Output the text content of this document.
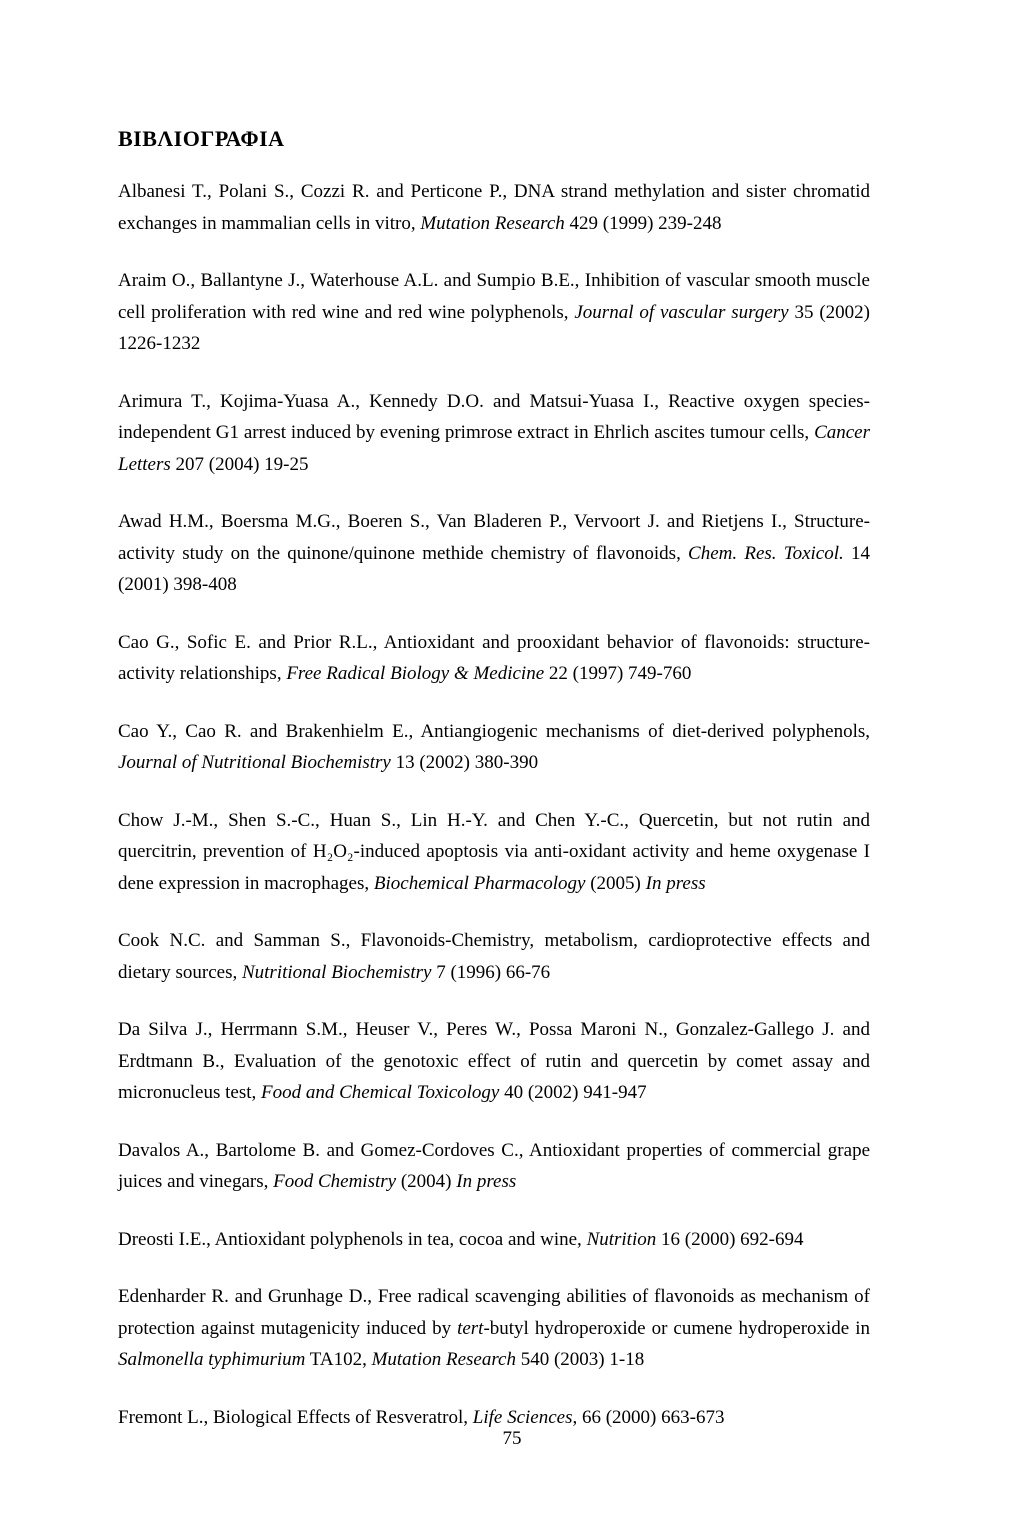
ΒΙΒΛΙΟΓΡΑΦΙΑ

Albanesi T., Polani S., Cozzi R. and Perticone P., DNA strand methylation and sister chromatid exchanges in mammalian cells in vitro, Mutation Research 429 (1999) 239-248

Araim O., Ballantyne J., Waterhouse A.L. and Sumpio B.E., Inhibition of vascular smooth muscle cell proliferation with red wine and red wine polyphenols, Journal of vascular surgery 35 (2002) 1226-1232

Arimura T., Kojima-Yuasa A., Kennedy D.O. and Matsui-Yuasa I., Reactive oxygen species-independent G1 arrest induced by evening primrose extract in Ehrlich ascites tumour cells, Cancer Letters 207 (2004) 19-25

Awad H.M., Boersma M.G., Boeren S., Van Bladeren P., Vervoort J. and Rietjens I., Structure-activity study on the quinone/quinone methide chemistry of flavonoids, Chem. Res. Toxicol. 14 (2001) 398-408

Cao G., Sofic E. and Prior R.L., Antioxidant and prooxidant behavior of flavonoids: structure-activity relationships, Free Radical Biology & Medicine 22 (1997) 749-760

Cao Y., Cao R. and Brakenhielm E., Antiangiogenic mechanisms of diet-derived polyphenols, Journal of Nutritional Biochemistry 13 (2002) 380-390

Chow J.-M., Shen S.-C., Huan S., Lin H.-Y. and Chen Y.-C., Quercetin, but not rutin and quercitrin, prevention of H₂O₂-induced apoptosis via anti-oxidant activity and heme oxygenase I dene expression in macrophages, Biochemical Pharmacology (2005) In press

Cook N.C. and Samman S., Flavonoids-Chemistry, metabolism, cardioprotective effects and dietary sources, Nutritional Biochemistry 7 (1996) 66-76

Da Silva J., Herrmann S.M., Heuser V., Peres W., Possa Maroni N., Gonzalez-Gallego J. and Erdtmann B., Evaluation of the genotoxic effect of rutin and quercetin by comet assay and micronucleus test, Food and Chemical Toxicology 40 (2002) 941-947

Davalos A., Bartolome B. and Gomez-Cordoves C., Antioxidant properties of commercial grape juices and vinegars, Food Chemistry (2004) In press

Dreosti I.E., Antioxidant polyphenols in tea, cocoa and wine, Nutrition 16 (2000) 692-694

Edenharder R. and Grunhage D., Free radical scavenging abilities of flavonoids as mechanism of protection against mutagenicity induced by tert-butyl hydroperoxide or cumene hydroperoxide in Salmonella typhimurium TA102, Mutation Research 540 (2003) 1-18

Fremont L., Biological Effects of Resveratrol, Life Sciences, 66 (2000) 663-673

75
